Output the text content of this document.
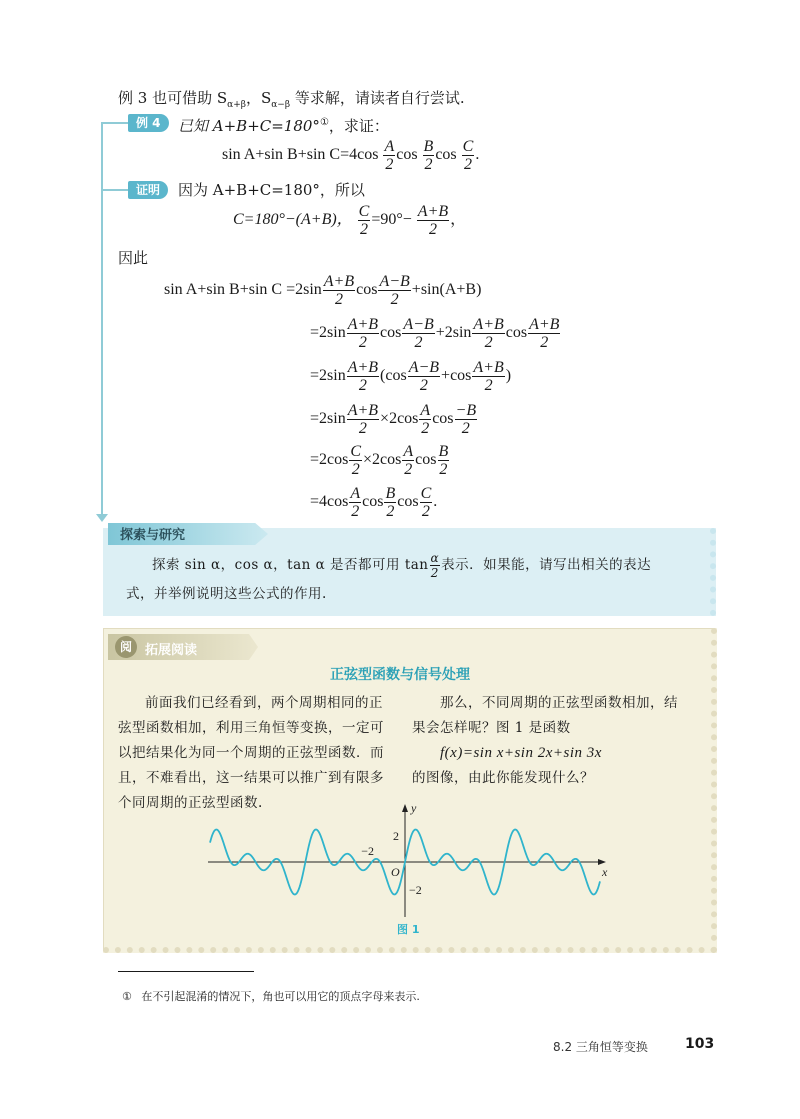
例 3 也可借助 $S_{\alpha+\beta}$，$S_{\alpha-\beta}$ 等求解，请读者自行尝试.
例 4	已知 A+B+C=180°①，求证：
sin A+sin B+sin $C=4\cos \frac{A}{2}$ $\cos \frac{B}{2}$ $\cos \frac{C}{2}$ .
证明	因为 A+B+C=180°，所以
C=180°−(A+B)， $\frac{C}{2} =90^\circ- \frac{A+B}{2}$ ，
因此
sin A+sin B+sin $C =2\sin \frac{A+B}{2}$ $\cos \frac{A-B}{2} +\sin(A+B)$
$=2\sin \frac{A+B}{2}$ $\cos \frac{A-B}{2} +2\sin \frac{A+B}{2}$ $\cos \frac{A+B}{2}$
$=2\sin \frac{A+B}{2} (\cos \frac{A-B}{2} +\cos \frac{A+B}{2}$ )
$=2\sin \frac{A+B}{2} \times 2\cos \frac{A}{2}$ $\cos \frac{-B}{2}$
$=2\cos \frac{C}{2} \times 2\cos \frac{A}{2}$ $\cos \frac{B}{2}$
$=4\cos \frac{A}{2}$ $\cos \frac{B}{2}$ $\cos \frac{C}{2}$ .
探索与研究
探索 sin α，cos α，tan α 是否都可用 $\tan \frac{\alpha}{2}$ 表示．如果能，请写出相关的表达
式，并举例说明这些公式的作用.
阅	拓展阅读
正弦型函数与信号处理
前面我们已经看到，两个周期相同的正
弦型函数相加，利用三角恒等变换，一定可
以把结果化为同一个周期的正弦型函数．而
且，不难看出，这一结果可以推广到有限多
个同周期的正弦型函数.
那么，不同周期的正弦型函数相加，结
果会怎样呢？图 1 是函数
f(x)=sin x+sin 2x+sin 3x
的图像，由此你能发现什么？
x
y
O
2
−2
−2
图 1
① 在不引起混淆的情况下，角也可以用它的顶点字母来表示.
8.2 三角恒等变换	103
